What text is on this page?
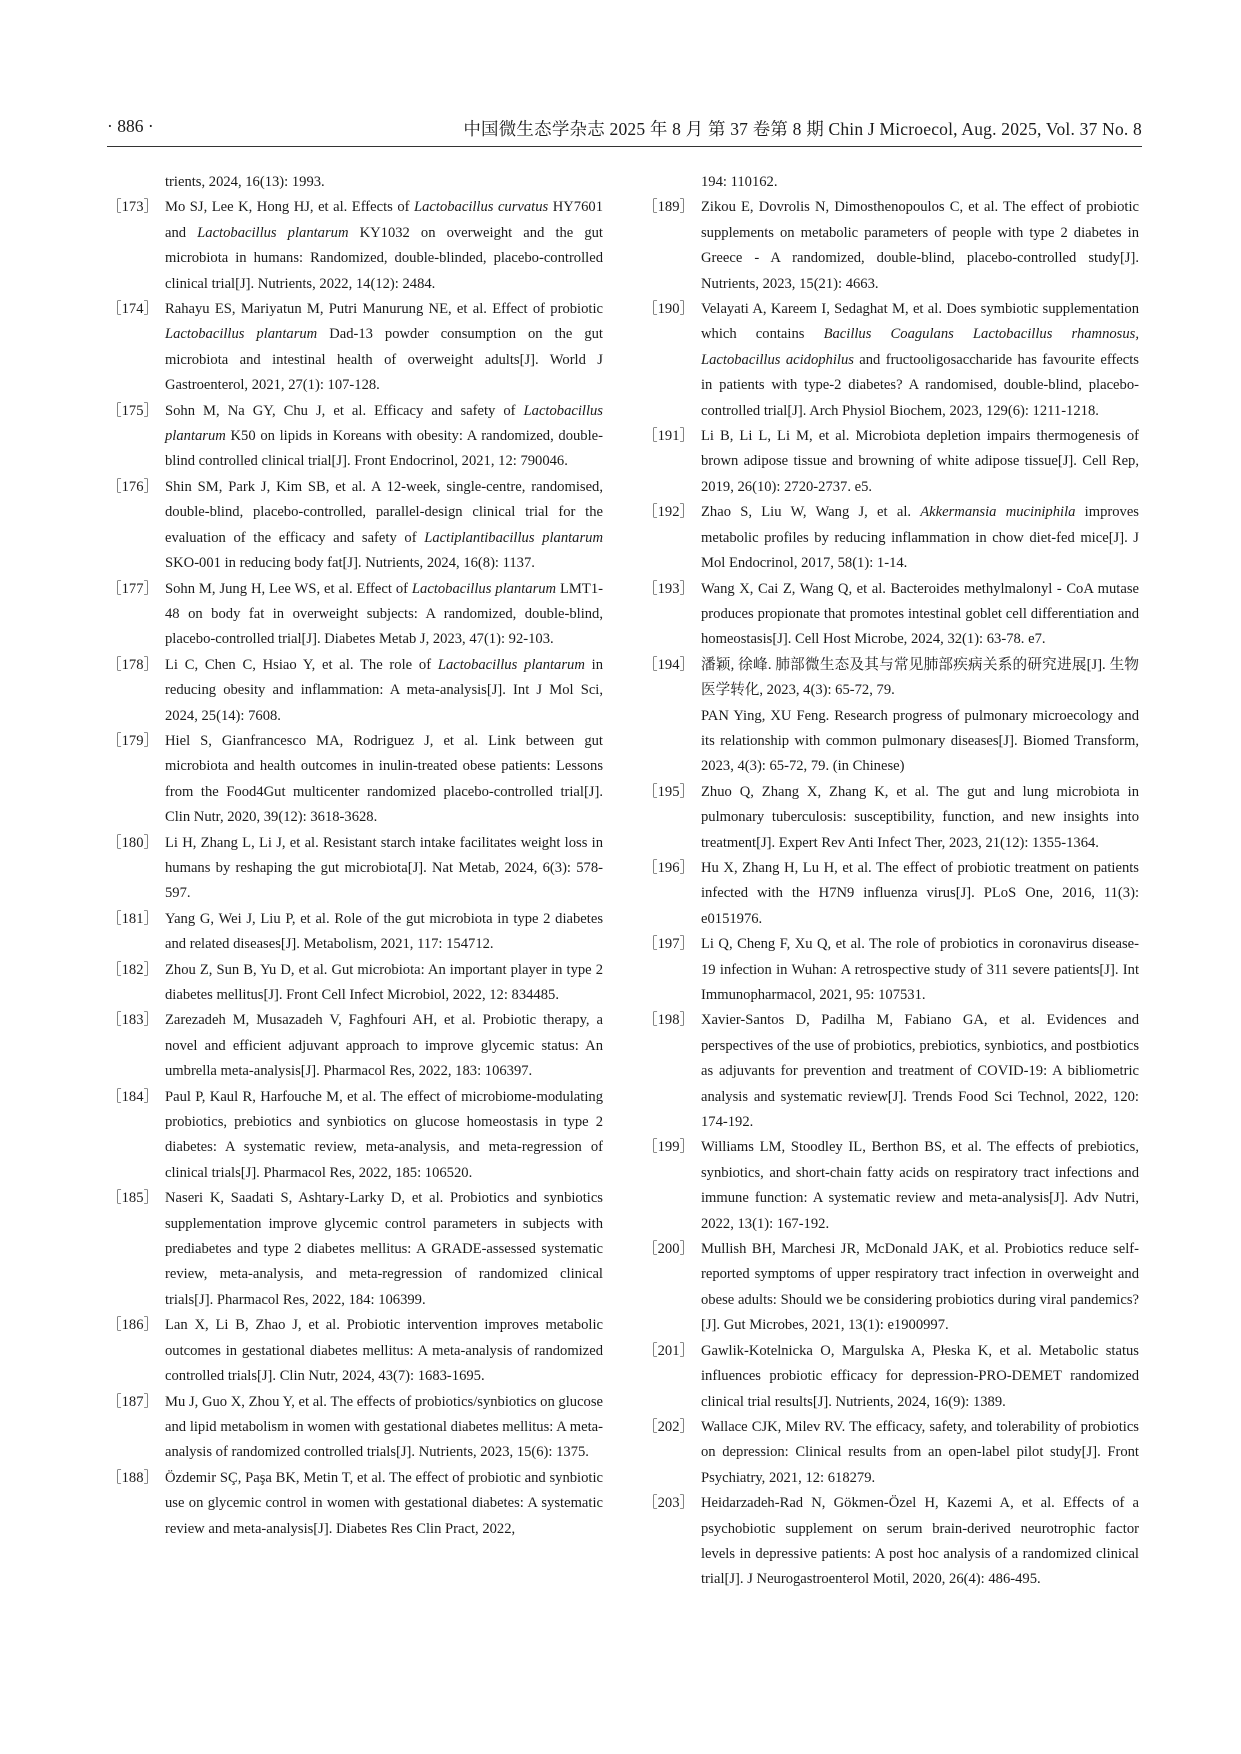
· 886 ·	中国微生态学杂志 2025 年 8 月 第 37 卷第 8 期 Chin J Microecol, Aug. 2025, Vol. 37 No. 8
trients, 2024, 16(13): 1993.
［173］ Mo SJ, Lee K, Hong HJ, et al. Effects of Lactobacillus curvatus HY7601 and Lactobacillus plantarum KY1032 on overweight and the gut microbiota in humans: Randomized, double-blinded, placebo-controlled clinical trial[J]. Nutrients, 2022, 14(12): 2484.
［174］ Rahayu ES, Mariyatun M, Putri Manurung NE, et al. Effect of probiotic Lactobacillus plantarum Dad-13 powder consumption on the gut microbiota and intestinal health of overweight adults[J]. World J Gastroenterol, 2021, 27(1): 107-128.
［175］ Sohn M, Na GY, Chu J, et al. Efficacy and safety of Lactobacillus plantarum K50 on lipids in Koreans with obesity: A randomized, double-blind controlled clinical trial[J]. Front Endocrinol, 2021, 12: 790046.
［176］ Shin SM, Park J, Kim SB, et al. A 12-week, single-centre, randomised, double-blind, placebo-controlled, parallel-design clinical trial for the evaluation of the efficacy and safety of Lactiplantibacillus plantarum SKO-001 in reducing body fat[J]. Nutrients, 2024, 16(8): 1137.
［177］ Sohn M, Jung H, Lee WS, et al. Effect of Lactobacillus plantarum LMT1-48 on body fat in overweight subjects: A randomized, double-blind, placebo-controlled trial[J]. Diabetes Metab J, 2023, 47(1): 92-103.
［178］ Li C, Chen C, Hsiao Y, et al. The role of Lactobacillus plantarum in reducing obesity and inflammation: A meta-analysis[J]. Int J Mol Sci, 2024, 25(14): 7608.
［179］ Hiel S, Gianfrancesco MA, Rodriguez J, et al. Link between gut microbiota and health outcomes in inulin-treated obese patients: Lessons from the Food4Gut multicenter randomized placebo-controlled trial[J]. Clin Nutr, 2020, 39(12): 3618-3628.
［180］ Li H, Zhang L, Li J, et al. Resistant starch intake facilitates weight loss in humans by reshaping the gut microbiota[J]. Nat Metab, 2024, 6(3): 578-597.
［181］ Yang G, Wei J, Liu P, et al. Role of the gut microbiota in type 2 diabetes and related diseases[J]. Metabolism, 2021, 117: 154712.
［182］ Zhou Z, Sun B, Yu D, et al. Gut microbiota: An important player in type 2 diabetes mellitus[J]. Front Cell Infect Microbiol, 2022, 12: 834485.
［183］ Zarezadeh M, Musazadeh V, Faghfouri AH, et al. Probiotic therapy, a novel and efficient adjuvant approach to improve glycemic status: An umbrella meta-analysis[J]. Pharmacol Res, 2022, 183: 106397.
［184］ Paul P, Kaul R, Harfouche M, et al. The effect of microbiome-modulating probiotics, prebiotics and synbiotics on glucose homeostasis in type 2 diabetes: A systematic review, meta-analysis, and meta-regression of clinical trials[J]. Pharmacol Res, 2022, 185: 106520.
［185］ Naseri K, Saadati S, Ashtary-Larky D, et al. Probiotics and synbiotics supplementation improve glycemic control parameters in subjects with prediabetes and type 2 diabetes mellitus: A GRADE-assessed systematic review, meta-analysis, and meta-regression of randomized clinical trials[J]. Pharmacol Res, 2022, 184: 106399.
［186］ Lan X, Li B, Zhao J, et al. Probiotic intervention improves metabolic outcomes in gestational diabetes mellitus: A meta-analysis of randomized controlled trials[J]. Clin Nutr, 2024, 43(7): 1683-1695.
［187］ Mu J, Guo X, Zhou Y, et al. The effects of probiotics/synbiotics on glucose and lipid metabolism in women with gestational diabetes mellitus: A meta-analysis of randomized controlled trials[J]. Nutrients, 2023, 15(6): 1375.
［188］ Özdemir SÇ, Paşa BK, Metin T, et al. The effect of probiotic and synbiotic use on glycemic control in women with gestational diabetes: A systematic review and meta-analysis[J]. Diabetes Res Clin Pract, 2022,
194: 110162.
［189］ Zikou E, Dovrolis N, Dimosthenopoulos C, et al. The effect of probiotic supplements on metabolic parameters of people with type 2 diabetes in Greece - A randomized, double-blind, placebo-controlled study[J]. Nutrients, 2023, 15(21): 4663.
［190］ Velayati A, Kareem I, Sedaghat M, et al. Does symbiotic supplementation which contains Bacillus Coagulans Lactobacillus rhamnosus, Lactobacillus acidophilus and fructooligosaccharide has favourite effects in patients with type-2 diabetes? A randomised, double-blind, placebo-controlled trial[J]. Arch Physiol Biochem, 2023, 129(6): 1211-1218.
［191］ Li B, Li L, Li M, et al. Microbiota depletion impairs thermogenesis of brown adipose tissue and browning of white adipose tissue[J]. Cell Rep, 2019, 26(10): 2720-2737. e5.
［192］ Zhao S, Liu W, Wang J, et al. Akkermansia muciniphila improves metabolic profiles by reducing inflammation in chow diet-fed mice[J]. J Mol Endocrinol, 2017, 58(1): 1-14.
［193］ Wang X, Cai Z, Wang Q, et al. Bacteroides methylmalonyl - CoA mutase produces propionate that promotes intestinal goblet cell differentiation and homeostasis[J]. Cell Host Microbe, 2024, 32(1): 63-78. e7.
［194］ 潘颖, 徐峰. 肺部微生态及其与常见肺部疾病关系的研究进展[J]. 生物医学转化, 2023, 4(3): 65-72, 79.
PAN Ying, XU Feng. Research progress of pulmonary microecology and its relationship with common pulmonary diseases[J]. Biomed Transform, 2023, 4(3): 65-72, 79. (in Chinese)
［195］ Zhuo Q, Zhang X, Zhang K, et al. The gut and lung microbiota in pulmonary tuberculosis: susceptibility, function, and new insights into treatment[J]. Expert Rev Anti Infect Ther, 2023, 21(12): 1355-1364.
［196］ Hu X, Zhang H, Lu H, et al. The effect of probiotic treatment on patients infected with the H7N9 influenza virus[J]. PLoS One, 2016, 11(3): e0151976.
［197］ Li Q, Cheng F, Xu Q, et al. The role of probiotics in coronavirus disease-19 infection in Wuhan: A retrospective study of 311 severe patients[J]. Int Immunopharmacol, 2021, 95: 107531.
［198］ Xavier-Santos D, Padilha M, Fabiano GA, et al. Evidences and perspectives of the use of probiotics, prebiotics, synbiotics, and postbiotics as adjuvants for prevention and treatment of COVID-19: A bibliometric analysis and systematic review[J]. Trends Food Sci Technol, 2022, 120: 174-192.
［199］ Williams LM, Stoodley IL, Berthon BS, et al. The effects of prebiotics, synbiotics, and short-chain fatty acids on respiratory tract infections and immune function: A systematic review and meta-analysis[J]. Adv Nutri, 2022, 13(1): 167-192.
［200］ Mullish BH, Marchesi JR, McDonald JAK, et al. Probiotics reduce self-reported symptoms of upper respiratory tract infection in overweight and obese adults: Should we be considering probiotics during viral pandemics?[J]. Gut Microbes, 2021, 13(1): e1900997.
［201］ Gawlik-Kotelnicka O, Margulska A, Płeska K, et al. Metabolic status influences probiotic efficacy for depression-PRO-DEMET randomized clinical trial results[J]. Nutrients, 2024, 16(9): 1389.
［202］ Wallace CJK, Milev RV. The efficacy, safety, and tolerability of probiotics on depression: Clinical results from an open-label pilot study[J]. Front Psychiatry, 2021, 12: 618279.
［203］ Heidarzadeh-Rad N, Gökmen-Özel H, Kazemi A, et al. Effects of a psychobiotic supplement on serum brain-derived neurotrophic factor levels in depressive patients: A post hoc analysis of a randomized clinical trial[J]. J Neurogastroenterol Motil, 2020, 26(4): 486-495.
